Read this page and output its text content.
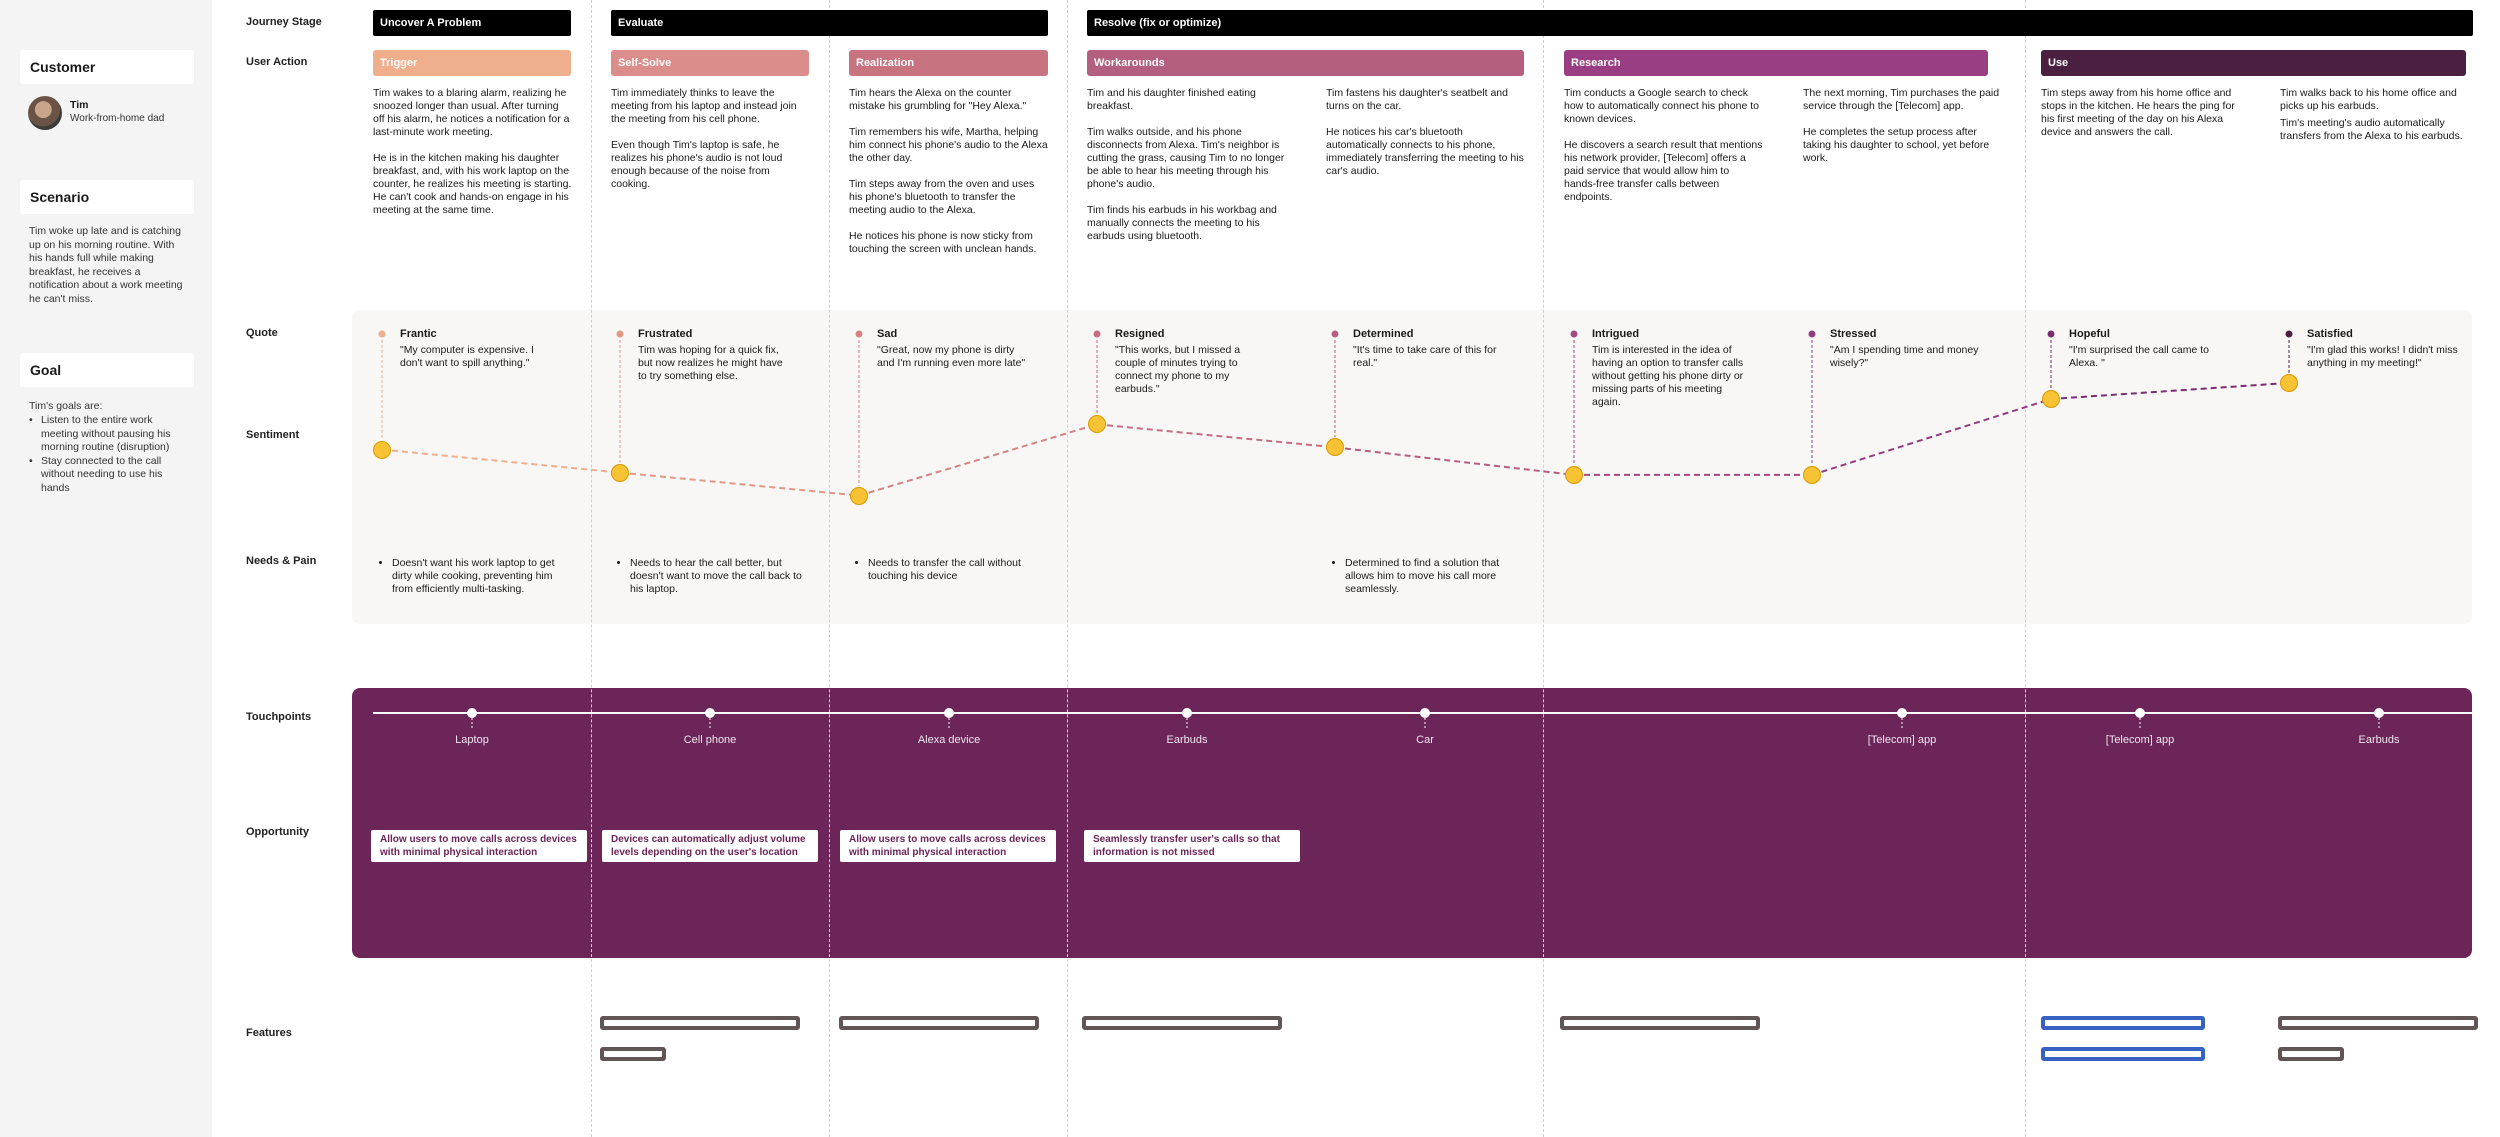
Customer
Tim
Work-from-home dad
Scenario
Tim woke up late and is catching up on his morning routine. With his hands full while making breakfast, he receives a notification about a work meeting he can't miss.
Goal
Tim's goals are:
• Listen to the entire work meeting without pausing his morning routine (disruption)
• Stay connected to the call without needing to use his hands
Journey Stage
User Action
Quote
Sentiment
Needs & Pain
Touchpoints
Opportunity
Features
Uncover A Problem	Evaluate	Resolve (fix or optimize)
Trigger	Self-Solve	Realization	Workarounds	Research	Use

Tim wakes to a blaring alarm, realizing he snoozed longer than usual. After turning off his alarm, he notices a notification for a last-minute work meeting.

He is in the kitchen making his daughter breakfast, and, with his work laptop on the counter, he realizes his meeting is starting. He can't cook and hands-on engage in his meeting at the same time.

Tim immediately thinks to leave the meeting from his laptop and instead join the meeting from his cell phone.

Even though Tim's laptop is safe, he realizes his phone's audio is not loud enough because of the noise from cooking.

Tim hears the Alexa on the counter mistake his grumbling for "Hey Alexa."

Tim remembers his wife, Martha, helping him connect his phone's audio to the Alexa the other day.

Tim steps away from the oven and uses his phone's bluetooth to transfer the meeting audio to the Alexa.

He notices his phone is now sticky from touching the screen with unclean hands.

Tim and his daughter finished eating breakfast.

Tim walks outside, and his phone disconnects from Alexa. Tim's neighbor is cutting the grass, causing Tim to no longer be able to hear his meeting through his phone's audio.

Tim finds his earbuds in his workbag and manually connects the meeting to his earbuds using bluetooth.

Tim fastens his daughter's seatbelt and turns on the car.

He notices his car's bluetooth automatically connects to his phone, immediately transferring the meeting to his car's audio.

Tim conducts a Google search to check how to automatically connect his phone to known devices.

He discovers a search result that mentions his network provider, [Telecom] offers a paid service that would allow him to hands-free transfer calls between endpoints.

The next morning, Tim purchases the paid service through the [Telecom] app.

He completes the setup process after taking his daughter to school, yet before work.

Tim steps away from his home office and stops in the kitchen. He hears the ping for his first meeting of the day on his Alexa device and answers the call.

Tim walks back to his home office and picks up his earbuds.

Tim's meeting's audio automatically transfers from the Alexa to his earbuds.

Frantic
"My computer is expensive. I don't want to spill anything."
Frustrated
Tim was hoping for a quick fix, but now realizes he might have to try something else.
Sad
"Great, now my phone is dirty and I'm running even more late"
Resigned
"This works, but I missed a couple of minutes trying to connect my phone to my earbuds."
Determined
"It's time to take care of this for real."
Intrigued
Tim is interested in the idea of having an option to transfer calls without getting his phone dirty or missing parts of his meeting again.
Stressed
"Am I spending time and money wisely?"
Hopeful
"I'm surprised the call came to Alexa. "
Satisfied
"I'm glad this works! I didn't miss anything in my meeting!"
• Doesn't want his work laptop to get dirty while cooking, preventing him from efficiently multi-tasking.
• Needs to hear the call better, but doesn't want to move the call back to his laptop.
• Needs to transfer the call without touching his device
• Determined to find a solution that allows him to move his call more seamlessly.
Laptop	Cell phone	Alexa device	Earbuds	Car	[Telecom] app	[Telecom] app	Earbuds
Allow users to move calls across devices with minimal physical interaction
Devices can automatically adjust volume levels depending on the user's location
Allow users to move calls across devices with minimal physical interaction
Seamlessly transfer user's calls so that information is not missed
